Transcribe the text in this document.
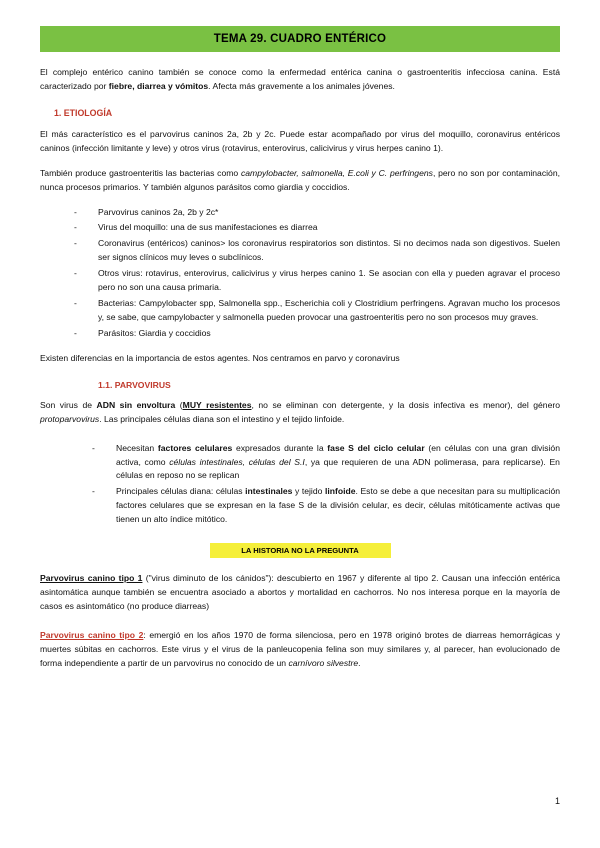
TEMA 29. CUADRO ENTÉRICO

El complejo entérico canino también se conoce como la enfermedad entérica canina o gastroenteritis infecciosa canina. Está caracterizado por fiebre, diarrea y vómitos. Afecta más gravemente a los animales jóvenes.

1. ETIOLOGÍA

El más característico es el parvovirus caninos 2a, 2b y 2c. Puede estar acompañado por virus del moquillo, coronavirus entéricos caninos (infección limitante y leve) y otros virus (rotavirus, enterovirus, calicivirus y virus herpes canino 1).

También produce gastroenteritis las bacterias como campylobacter, salmonella, E.coli y C. perfringens, pero no son por contaminación, nunca procesos primarios. Y también algunos parásitos como giardia y coccidios.

- Parvovirus caninos 2a, 2b y 2c*
- Virus del moquillo: una de sus manifestaciones es diarrea
- Coronavirus (entéricos) caninos> los coronavirus respiratorios son distintos. Si no decimos nada son digestivos. Suelen ser signos clínicos muy leves o subclínicos.
- Otros virus: rotavirus, enterovirus, calicivirus y virus herpes canino 1. Se asocian con ella y pueden agravar el proceso pero no son una causa primaria.
- Bacterias: Campylobacter spp, Salmonella spp., Escherichia coli y Clostridium perfringens. Agravan mucho los procesos y, se sabe, que campylobacter y salmonella pueden provocar una gastroenteritis pero no son procesos muy graves.
- Parásitos: Giardia y coccidios

Existen diferencias en la importancia de estos agentes. Nos centramos en parvo y coronavirus

1.1. PARVOVIRUS

Son virus de ADN sin envoltura (MUY resistentes, no se eliminan con detergente, y la dosis infectiva es menor), del género protoparvovirus. Las principales células diana son el intestino y el tejido linfoide.

- Necesitan factores celulares expresados durante la fase S del ciclo celular (en células con una gran división activa, como células intestinales, células del S.I, ya que requieren de una ADN polimerasa, para replicarse). En células en reposo no se replican
- Principales células diana: células intestinales y tejido linfoide. Esto se debe a que necesitan para su multiplicación factores celulares que se expresan en la fase S de la división celular, es decir, células mitóticamente activas que tienen un alto índice mitótico.
LA HISTORIA NO LA PREGUNTA

Parvovirus canino tipo 1 ("virus diminuto de los cánidos"): descubierto en 1967 y diferente al tipo 2. Causan una infección entérica asintomática aunque también se encuentra asociado a abortos y mortalidad en cachorros. No nos interesa porque en la mayoría de casos es asintomático (no produce diarreas)

Parvovirus canino tipo 2: emergió en los años 1970 de forma silenciosa, pero en 1978 originó brotes de diarreas hemorrágicas y muertes súbitas en cachorros. Este virus y el virus de la panleucopenia felina son muy similares y, al parecer, han evolucionado de forma independiente a partir de un parvovirus no conocido de un carnívoro silvestre.

1
